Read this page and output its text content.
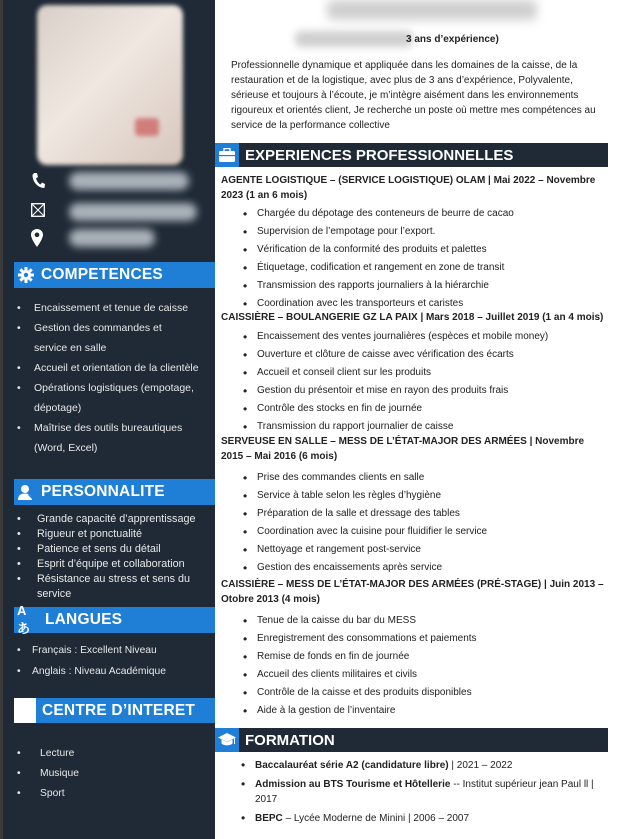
COMPETENCES
• Encaissement et tenue de caisse
• Gestion des commandes et service en salle
• Accueil et orientation de la clientèle
• Opérations logistiques (empotage, dépotage)
• Maîtrise des outils bureautiques (Word, Excel)
PERSONNALITE
• Grande capacité d’apprentissage
• Rigueur et ponctualité
• Patience et sens du détail
• Esprit d’équipe et collaboration
• Résistance au stress et sens du service
Aあ
LANGUES
• Français : Excellent Niveau
• Anglais : Niveau Académique
CENTRE D’INTERET
• Lecture
• Musique
• Sport
3 ans d’expérience)

Professionnelle dynamique et appliquée dans les domaines de la caisse, de la restauration et de la logistique, avec plus de 3 ans d’expérience, Polyvalente, sérieuse et toujours à l’écoute, je m’intègre aisément dans les environnements rigoureux et orientés client, Je recherche un poste où mettre mes compétences au service de la performance collective

EXPERIENCES PROFESSIONNELLES
AGENTE LOGISTIQUE – (SERVICE LOGISTIQUE) OLAM | Mai 2022 – Novembre 2023 (1 an 6 mois)
• Chargée du dépotage des conteneurs de beurre de cacao
• Supervision de l’empotage pour l’export.
• Vérification de la conformité des produits et palettes
• Étiquetage, codification et rangement en zone de transit
• Transmission des rapports journaliers à la hiérarchie
• Coordination avec les transporteurs et caristes
CAISSIÈRE – BOULANGERIE GZ LA PAIX | Mars 2018 – Juillet 2019 (1 an 4 mois)
• Encaissement des ventes journalières (espèces et mobile money)
• Ouverture et clôture de caisse avec vérification des écarts
• Accueil et conseil client sur les produits
• Gestion du présentoir et mise en rayon des produits frais
• Contrôle des stocks en fin de journée
• Transmission du rapport journalier de caisse
SERVEUSE EN SALLE – MESS DE L’ÉTAT-MAJOR DES ARMÉES | Novembre 2015 – Mai 2016 (6 mois)
• Prise des commandes clients en salle
• Service à table selon les règles d’hygiène
• Préparation de la salle et dressage des tables
• Coordination avec la cuisine pour fluidifier le service
• Nettoyage et rangement post-service
• Gestion des encaissements après service
CAISSIÈRE – MESS DE L’ÉTAT-MAJOR DES ARMÉES (PRÉ-STAGE) | Juin 2013 – Otobre 2013 (4 mois)
• Tenue de la caisse du bar du MESS
• Enregistrement des consommations et paiements
• Remise de fonds en fin de journée
• Accueil des clients militaires et civils
• Contrôle de la caisse et des produits disponibles
• Aide à la gestion de l’inventaire
FORMATION
• Baccalauréat série A2 (candidature libre) | 2021 – 2022
• Admission au BTS Tourisme et Hôtellerie -- Institut supérieur jean Paul ll | 2017
• BEPC – Lycée Moderne de Minini | 2006 – 2007
